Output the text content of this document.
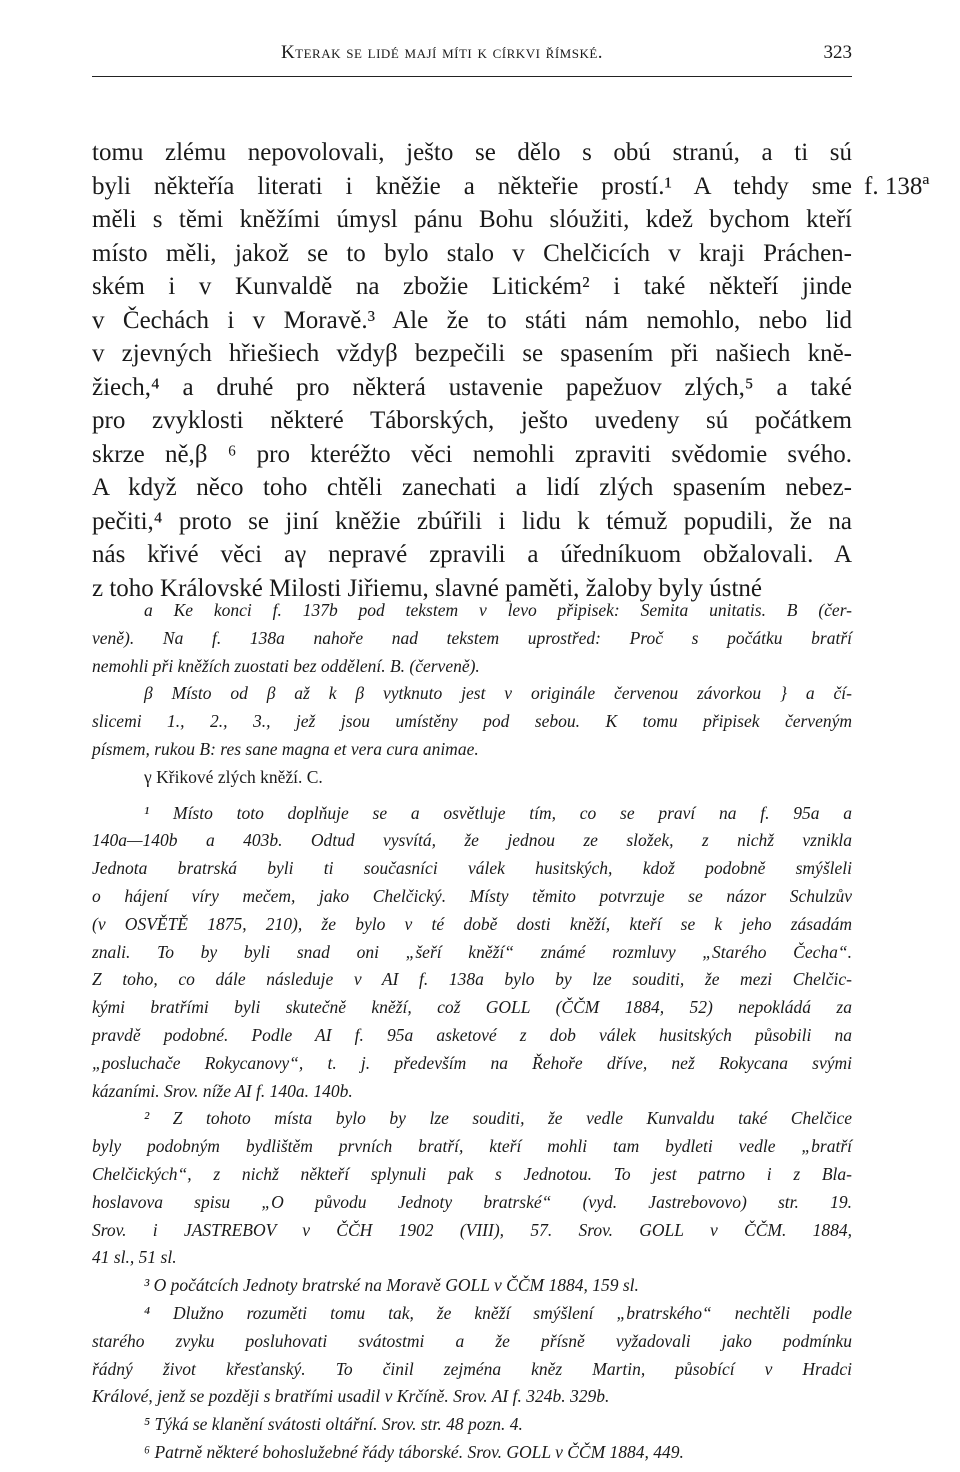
Kterak se lidé mají míti k církvi římské.	323
f. 138ª
tomu zlému nepovolovali, ješto se dělo s obú stranú, a ti sú
byli někteřía literati i kněžie a někteřie prostí.¹ A tehdy sme
měli s těmi kněžími úmysl pánu Bohu slóužiti, kdež bychom kteří
místo měli, jakož se to bylo stalo v Chelčicích v kraji Práchen-
ském i v Kunvaldě na zbožie Litickém² i také někteří jinde
v Čechách i v Moravě.³ Ale že to státi nám nemohlo, nebo lid
v zjevných hřiešiech vždyβ bezpečili se spasením při našiech knĕ-
žiech,⁴ a druhé pro některá ustavenie papežuov zlých,⁵ a také
pro zvyklosti některé Táborských, ješto uvedeny sú počátkem
skrze ně,β ⁶ pro kteréžto věci nemohli zpraviti svědomie svého.
A když něco toho chtěli zanechati a lidí zlých spasením nebez-
pečiti,⁴ proto se jiní kněžie zbúřili i lidu k témuž popudili, že na
nás křivé věci aγ nepravé zpravili a úředníkuom obžalovali. A
z toho Královské Milosti Jiřiemu, slavné paměti, žaloby byly ústné
a Ke konci f. 137b pod tekstem v levo připisek: Semita unitatis. B (čer-
veně). Na f. 138a nahoře nad tekstem uprostřed: Proč s počátku bratří
nemohli při kněžích zuostati bez oddělení. B. (červeně).
β Místo od β až k β vytknuto jest v originále červenou závorkou } a čí-
slicemi 1., 2., 3., jež jsou umístěny pod sebou. K tomu připisek červeným
písmem, rukou B: res sane magna et vera cura animae.
γ Křikové zlých kněží. C.
¹ Místo toto doplňuje se a osvětluje tím, co se praví na f. 95a a
140a—140b a 403b. Odtud vysvítá, že jednou ze složek, z nichž vznikla
Jednota bratrská byli ti současníci válek husitských, kdož podobně smýšleli
o hájení víry mečem, jako Chelčický. Místy těmito potvrzuje se názor Schulzův
(v OSVĚTĚ 1875, 210), že bylo v té době dosti kněží, kteří se k jeho zásadám
znali. To by byli snad oni „šeří kněží“ známé rozmluvy „Starého Čecha“.
Z toho, co dále následuje v AI f. 138a bylo by lze souditi, že mezi Chelčic-
kými bratřími byli skutečně kněží, což GOLL (ČČM 1884, 52) nepokládá za
pravdě podobné. Podle AI f. 95a asketové z dob válek husitských působili na
„posluchače Rokycanovy“, t. j. především na Řehoře dříve, než Rokycana svými
kázaními. Srov. níže AI f. 140a. 140b.
² Z tohoto místa bylo by lze souditi, že vedle Kunvaldu také Chelčice
byly podobným bydlištěm prvních bratří, kteří mohli tam bydleti vedle „bratří
Chelčických“, z nichž někteří splynuli pak s Jednotou. To jest patrno i z Bla-
hoslavova spisu „O původu Jednoty bratrské“ (vyd. Jastrebovovo) str. 19.
Srov. i JASTREBOV v ČČH 1902 (VIII), 57. Srov. GOLL v ČČM. 1884,
41 sl., 51 sl.
³ O počátcích Jednoty bratrské na Moravě GOLL v ČČM 1884, 159 sl.
⁴ Dlužno rozuměti tomu tak, že kněží smýšlení „bratrského“ nechtěli podle
starého zvyku posluhovati svátostmi a že přísně vyžadovali jako podmínku
řádný život křesťanský. To činil zejména kněz Martin, působící v Hradci
Králové, jenž se později s bratřími usadil v Krčíně. Srov. AI f. 324b. 329b.
⁵ Týká se klanění svátosti oltářní. Srov. str. 48 pozn. 4.
⁶ Patrně některé bohoslužebné řády táborské. Srov. GOLL v ČČM 1884, 449.
